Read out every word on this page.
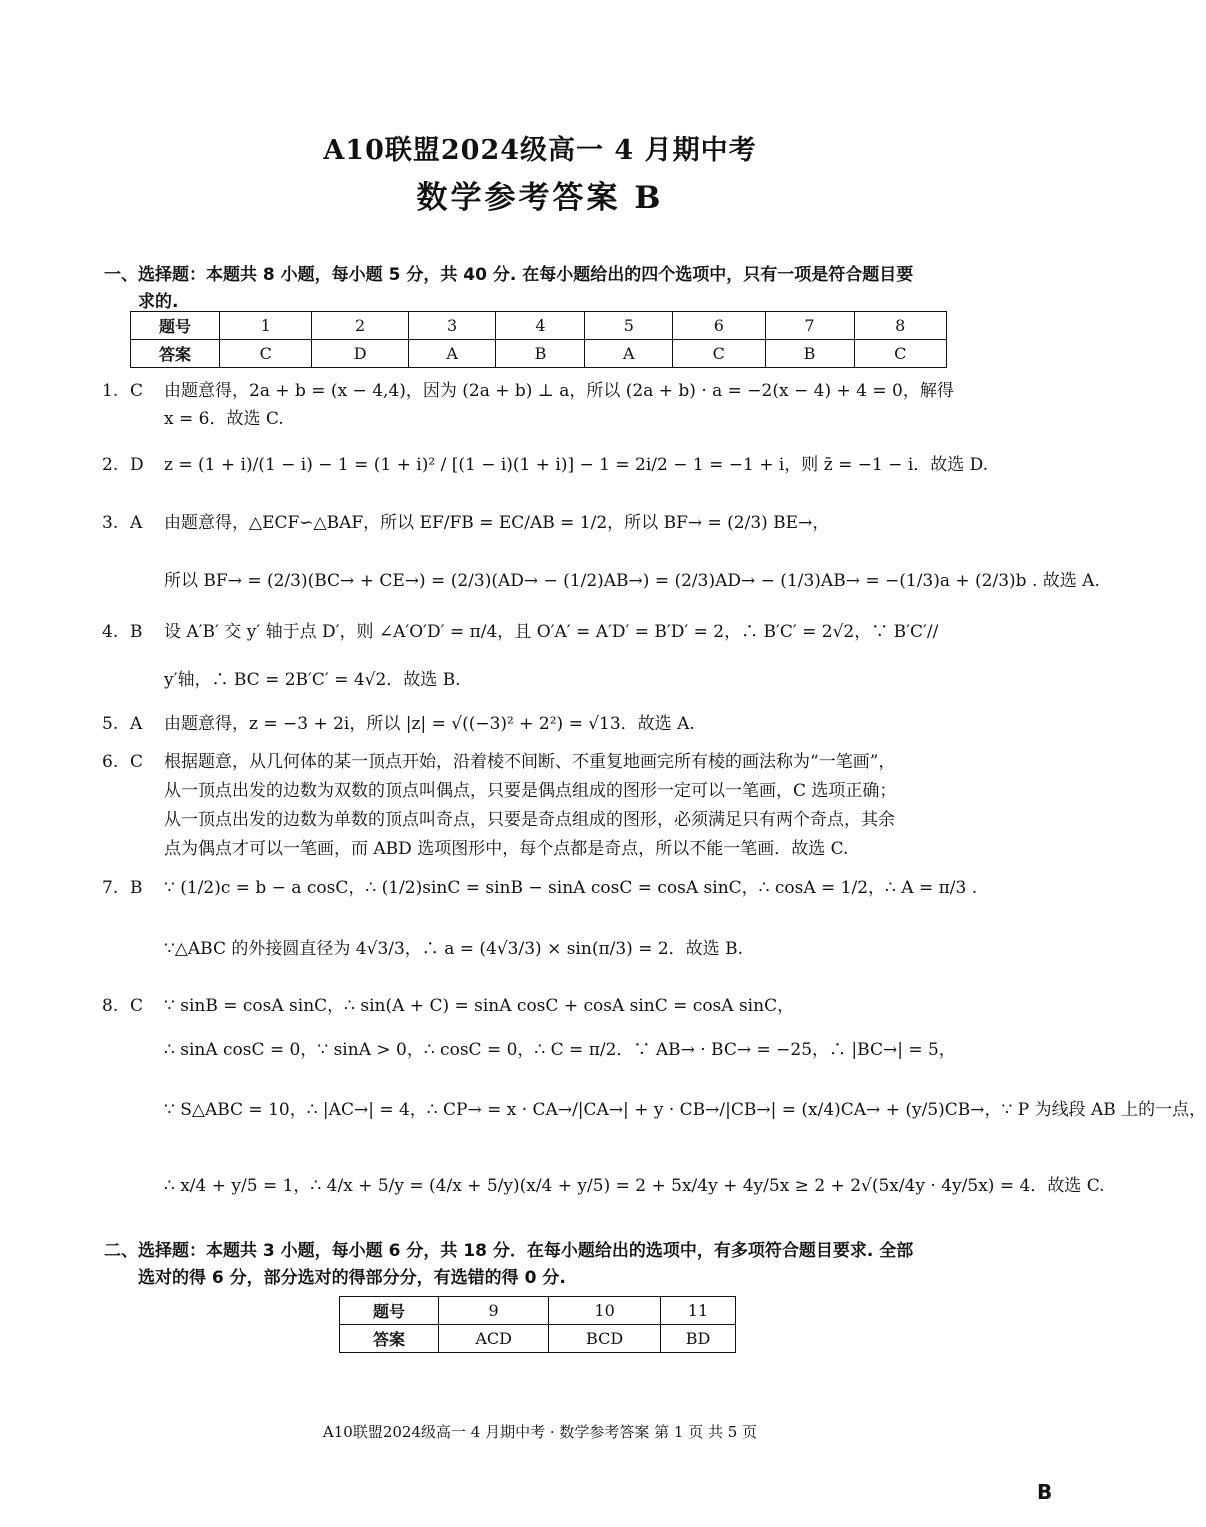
A10联盟2024级高一 4 月期中考
数学参考答案 B
一、选择题：本题共 8 小题，每小题 5 分，共 40 分. 在每小题给出的四个选项中，只有一项是符合题目要
求的.
题号	1	2	3	4	5	6	7	8
答案	C	D	A	B	A	C	B	C
1. C	由题意得，2a + b = (x − 4,4)，因为 (2a + b) ⊥ a，所以 (2a + b) · a = −2(x − 4) + 4 = 0，解得
x = 6．故选 C.
2. D	z = (1 + i)/(1 − i) − 1 = (1 + i)² / [(1 − i)(1 + i)] − 1 = 2i/2 − 1 = −1 + i，则 z̄ = −1 − i．故选 D.
3. A	由题意得，△ECF∽△BAF，所以 EF/FB = EC/AB = 1/2，所以 BF→ = (2/3) BE→，
所以 BF→ = (2/3)(BC→ + CE→) = (2/3)(AD→ − (1/2)AB→) = (2/3)AD→ − (1/3)AB→ = −(1/3)a + (2/3)b . 故选 A.
4. B	设 A′B′ 交 y′ 轴于点 D′，则 ∠A′O′D′ = π/4，且 O′A′ = A′D′ = B′D′ = 2，∴ B′C′ = 2√2，∵ B′C′//
y′轴，∴ BC = 2B′C′ = 4√2．故选 B.
5. A	由题意得，z = −3 + 2i，所以 |z| = √((−3)² + 2²) = √13．故选 A.
6. C	根据题意，从几何体的某一顶点开始，沿着棱不间断、不重复地画完所有棱的画法称为“一笔画”，
从一顶点出发的边数为双数的顶点叫偶点，只要是偶点组成的图形一定可以一笔画，C 选项正确；
从一顶点出发的边数为单数的顶点叫奇点，只要是奇点组成的图形，必须满足只有两个奇点，其余
点为偶点才可以一笔画，而 ABD 选项图形中，每个点都是奇点，所以不能一笔画．故选 C.
7. B	∵ (1/2)c = b − a cosC，∴ (1/2)sinC = sinB − sinA cosC = cosA sinC，∴ cosA = 1/2，∴ A = π/3 .
∵△ABC 的外接圆直径为 4√3/3，∴ a = (4√3/3) × sin(π/3) = 2．故选 B.
8. C	∵ sinB = cosA sinC，∴ sin(A + C) = sinA cosC + cosA sinC = cosA sinC，
∴ sinA cosC = 0，∵ sinA > 0，∴ cosC = 0，∴ C = π/2．∵ AB→ · BC→ = −25，∴ |BC→| = 5，
∵ S△ABC = 10，∴ |AC→| = 4，∴ CP→ = x · CA→/|CA→| + y · CB→/|CB→| = (x/4)CA→ + (y/5)CB→，∵ P 为线段 AB 上的一点，
∴ x/4 + y/5 = 1，∴ 4/x + 5/y = (4/x + 5/y)(x/4 + y/5) = 2 + 5x/4y + 4y/5x ≥ 2 + 2√(5x/4y · 4y/5x) = 4．故选 C.
二、选择题：本题共 3 小题，每小题 6 分，共 18 分．在每小题给出的选项中，有多项符合题目要求. 全部
选对的得 6 分，部分选对的得部分分，有选错的得 0 分.
题号	9	10	11
答案	ACD	BCD	BD
A10联盟2024级高一 4 月期中考 · 数学参考答案 第 1 页 共 5 页
B
